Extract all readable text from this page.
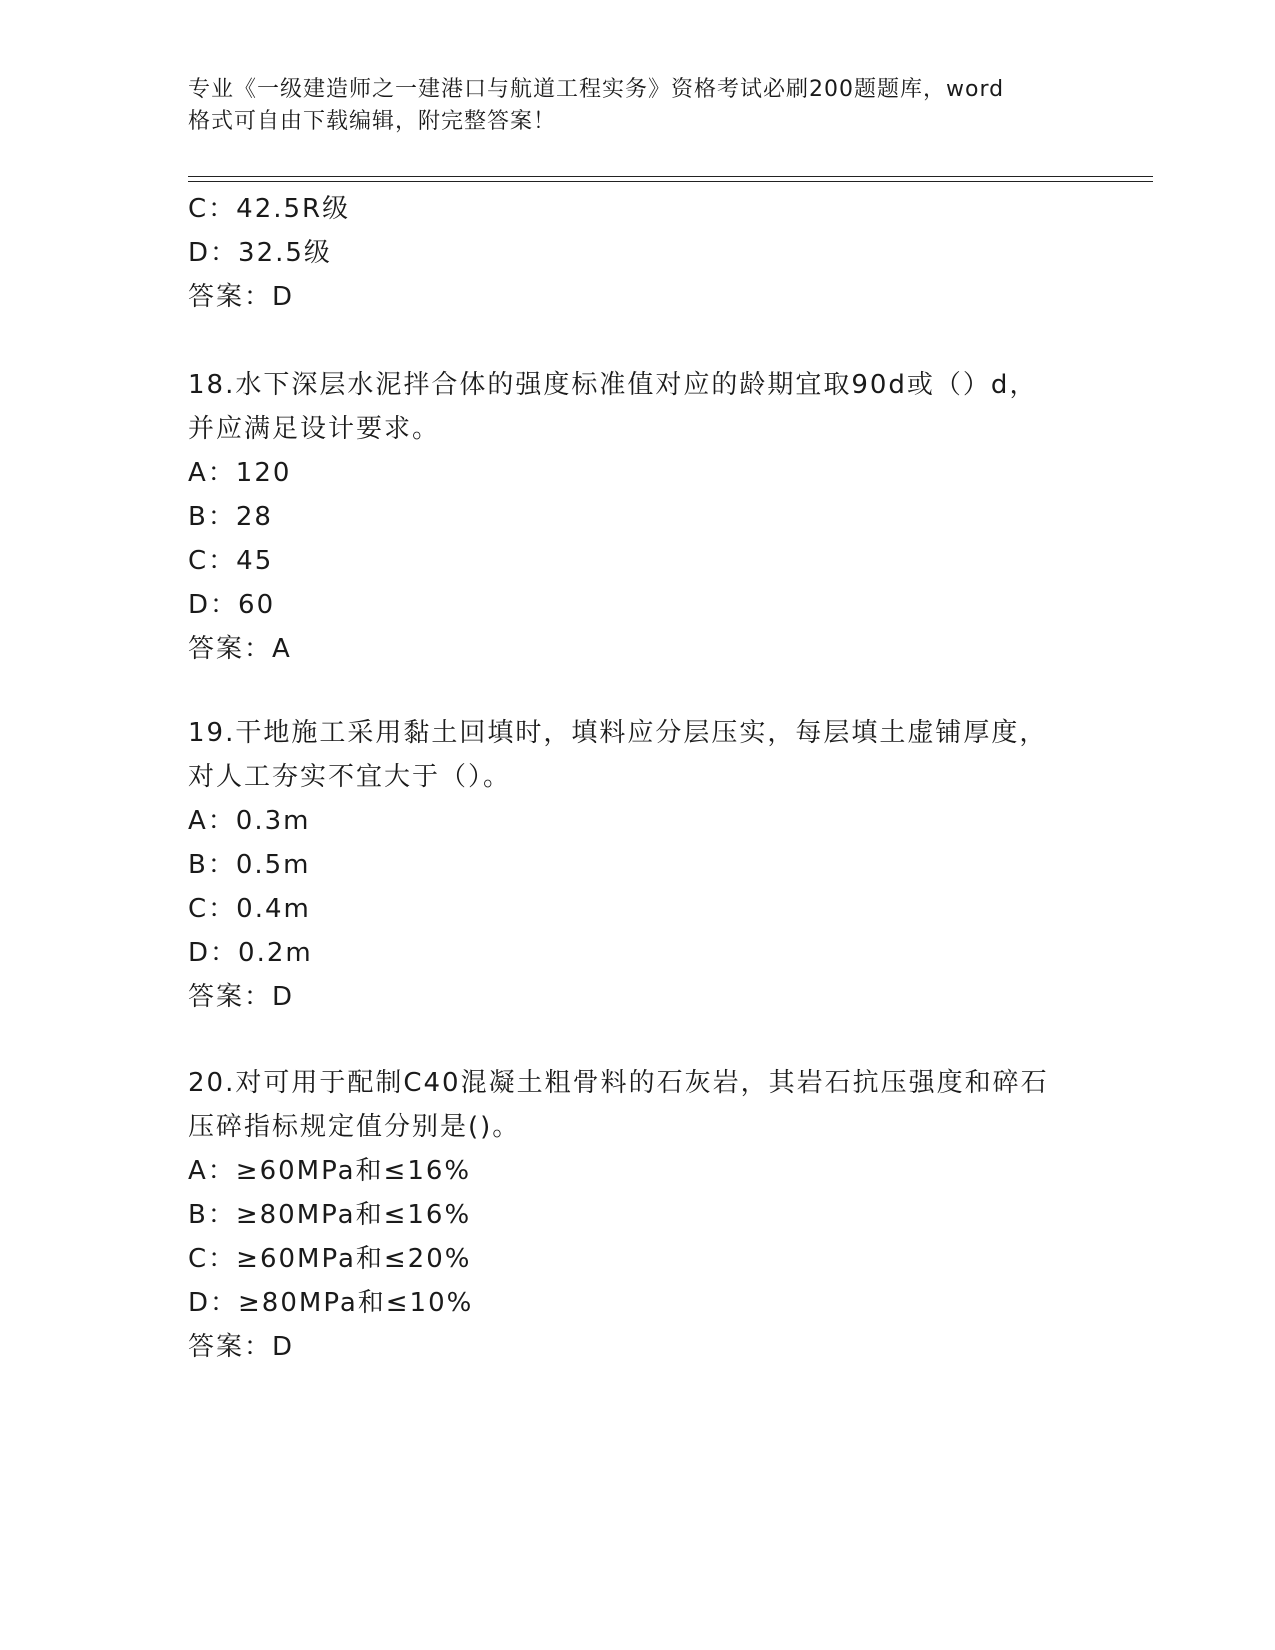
专业《一级建造师之一建港口与航道工程实务》资格考试必刷200题题库，word
格式可自由下载编辑，附完整答案！
C：42.5R级
D：32.5级
答案：D
18.水下深层水泥拌合体的强度标准值对应的龄期宜取90d或（）d，
并应满足设计要求。
A：120
B：28
C：45
D：60
答案：A
19.干地施工采用黏土回填时，填料应分层压实，每层填土虚铺厚度，
对人工夯实不宜大于（）。
A：0.3m
B：0.5m
C：0.4m
D：0.2m
答案：D
20.对可用于配制C40混凝土粗骨料的石灰岩，其岩石抗压强度和碎石
压碎指标规定值分别是()。
A：≥60MPa和≤16%
B：≥80MPa和≤16%
C：≥60MPa和≤20%
D：≥80MPa和≤10%
答案：D
